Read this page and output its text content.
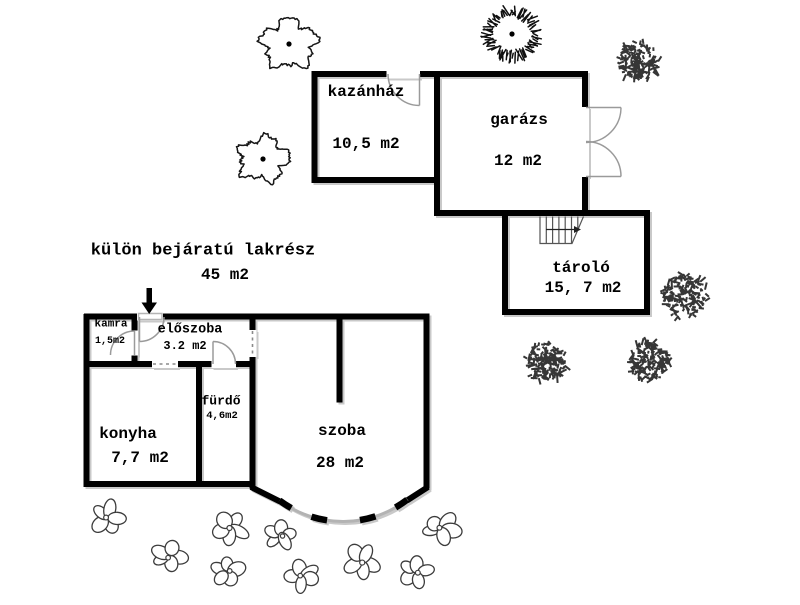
külön bejáratú lakrész
45 m2
kazánház
10,5 m2
garázs
12 m2
tároló
15, 7 m2
kamra
1,5m2
előszoba
3.2 m2
fürdő
4,6m2
konyha
7,7 m2
szoba
28 m2
